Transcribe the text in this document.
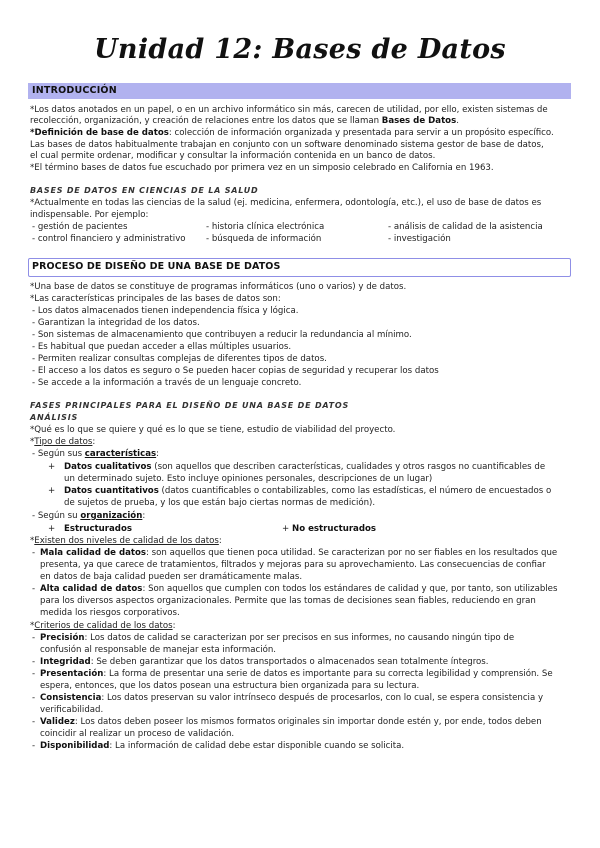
Unidad 12: Bases de Datos
INTRODUCCIÓN
*Los datos anotados en un papel, o en un archivo informático sin más, carecen de utilidad, por ello, existen sistemas de
recolección, organización, y creación de relaciones entre los datos que se llaman Bases de Datos.
*Definición de base de datos: colección de información organizada y presentada para servir a un propósito específico.
Las bases de datos habitualmente trabajan en conjunto con un software denominado sistema gestor de base de datos,
el cual permite ordenar, modificar y consultar la información contenida en un banco de datos.
*El término bases de datos fue escuchado por primera vez en un simposio celebrado en California en 1963.
BASES DE DATOS EN CIENCIAS DE LA SALUD
*Actualmente en todas las ciencias de la salud (ej. medicina, enfermera, odontología, etc.), el uso de base de datos es
indispensable. Por ejemplo:
- gestión de pacientes	- historia clínica electrónica	- análisis de calidad de la asistencia
- control financiero y administrativo - búsqueda de información	- investigación
PROCESO DE DISEÑO DE UNA BASE DE DATOS
*Una base de datos se constituye de programas informáticos (uno o varios) y de datos.
*Las características principales de las bases de datos son:
- Los datos almacenados tienen independencia física y lógica.
- Garantizan la integridad de los datos.
- Son sistemas de almacenamiento que contribuyen a reducir la redundancia al mínimo.
- Es habitual que puedan acceder a ellas múltiples usuarios.
- Permiten realizar consultas complejas de diferentes tipos de datos.
- El acceso a los datos es seguro o Se pueden hacer copias de seguridad y recuperar los datos
- Se accede a la información a través de un lenguaje concreto.
FASES PRINCIPALES PARA EL DISEÑO DE UNA BASE DE DATOS
ANÁLISIS
*Qué es lo que se quiere y qué es lo que se tiene, estudio de viabilidad del proyecto.
*Tipo de datos:
- Según sus características:
+ Datos cualitativos (son aquellos que describen características, cualidades y otros rasgos no cuantificables de
un determinado sujeto. Esto incluye opiniones personales, descripciones de un lugar)
+ Datos cuantitativos (datos cuantificables o contabilizables, como las estadísticas, el número de encuestados o
de sujetos de prueba, y los que están bajo ciertas normas de medición).
- Según su organización:
+ Estructurados	+ No estructurados
*Existen dos niveles de calidad de los datos:
- Mala calidad de datos: son aquellos que tienen poca utilidad. Se caracterizan por no ser fiables en los resultados que
presenta, ya que carece de tratamientos, filtrados y mejoras para su aprovechamiento. Las consecuencias de confiar
en datos de baja calidad pueden ser dramáticamente malas.
- Alta calidad de datos: Son aquellos que cumplen con todos los estándares de calidad y que, por tanto, son utilizables
para los diversos aspectos organizacionales. Permite que las tomas de decisiones sean fiables, reduciendo en gran
medida los riesgos corporativos.
*Criterios de calidad de los datos:
- Precisión: Los datos de calidad se caracterizan por ser precisos en sus informes, no causando ningún tipo de
confusión al responsable de manejar esta información.
- Integridad: Se deben garantizar que los datos transportados o almacenados sean totalmente íntegros.
- Presentación: La forma de presentar una serie de datos es importante para su correcta legibilidad y comprensión. Se
espera, entonces, que los datos posean una estructura bien organizada para su lectura.
- Consistencia: Los datos preservan su valor intrínseco después de procesarlos, con lo cual, se espera consistencia y
verificabilidad.
- Validez: Los datos deben poseer los mismos formatos originales sin importar donde estén y, por ende, todos deben
coincidir al realizar un proceso de validación.
- Disponibilidad: La información de calidad debe estar disponible cuando se solicita.
